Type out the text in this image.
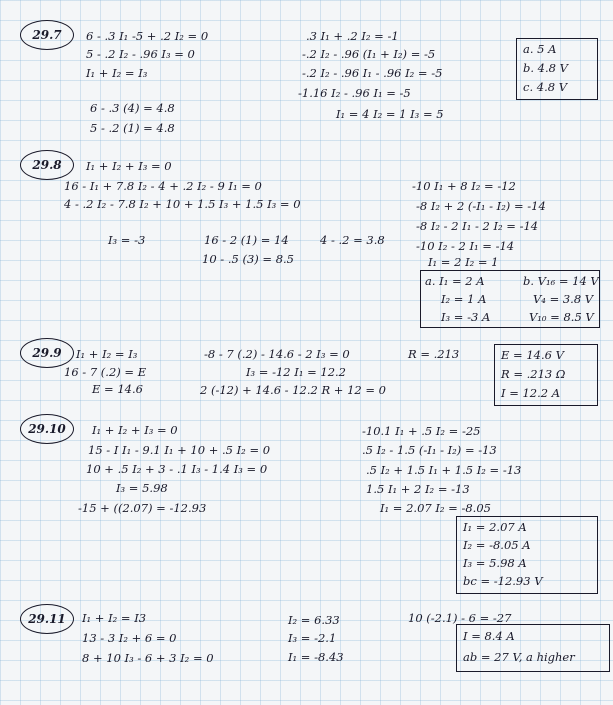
29.7	6 - .3 I₁ -5 + .2 I₂ = 0
5 - .2 I₂ - .96 I₃ = 0
I₁ + I₂ = I₃
6 - .3 (4) = 4.8
5 - .2 (1) = 4.8
.3 I₁ + .2 I₂ = -1
-.2 I₂ - .96 (I₁ + I₂) = -5
-.2 I₂ - .96 I₁ - .96 I₂ = -5
-1.16 I₂ - .96 I₁ = -5
I₁ = 4 I₂ = 1 I₃ = 5
a. 5 A
b. 4.8 V
c. 4.8 V
29.8	I₁ + I₂ + I₃ = 0
16 - I₁ + 7.8 I₂ - 4 + .2 I₂ - 9 I₁ = 0
4 - .2 I₂ - 7.8 I₂ + 10 + 1.5 I₃ + 1.5 I₃ = 0
I₃ = -3	16 - 2 (1) = 14	4 - .2 = 3.8
10 - .5 (3) = 8.5
-10 I₁ + 8 I₂ = -12
-8 I₂ + 2 (-I₁ - I₂) = -14
-8 I₂ - 2 I₁ - 2 I₂ = -14
-10 I₂ - 2 I₁ = -14
I₁ = 2 I₂ = 1
a. I₁ = 2 A
I₂ = 1 A
I₃ = -3 A
b. V₁₆ = 14 V
V₄ = 3.8 V
V₁₀ = 8.5 V
29.9	I₁ + I₂ = I₃
16 - 7 (.2) = E
E = 14.6
-8 - 7 (.2) - 14.6 - 2 I₃ = 0
I₃ = -12 I₁ = 12.2
2 (-12) + 14.6 - 12.2 R + 12 = 0
R = .213	E = 14.6 V
R = .213 Ω
I = 12.2 A
29.10	I₁ + I₂ + I₃ = 0
15 - I I₁ - 9.1 I₁ + 10 + .5 I₂ = 0
10 + .5 I₂ + 3 - .1 I₃ - 1.4 I₃ = 0
I₃ = 5.98
-15 + ((2.07) = -12.93
-10.1 I₁ + .5 I₂ = -25
.5 I₂ - 1.5 (-I₁ - I₂) = -13
.5 I₂ + 1.5 I₁ + 1.5 I₂ = -13
1.5 I₁ + 2 I₂ = -13
I₁ = 2.07 I₂ = -8.05
I₁ = 2.07 A
I₂ = -8.05 A
I₃ = 5.98 A
bc = -12.93 V
29.11	I₁ + I₂ = I3
13 - 3 I₂ + 6 = 0
8 + 10 I₃ - 6 + 3 I₂ = 0
I₂ = 6.33
I₃ = -2.1
I₁ = -8.43
10 (-2.1) - 6 = -27
I = 8.4 A
ab = 27 V, a higher
